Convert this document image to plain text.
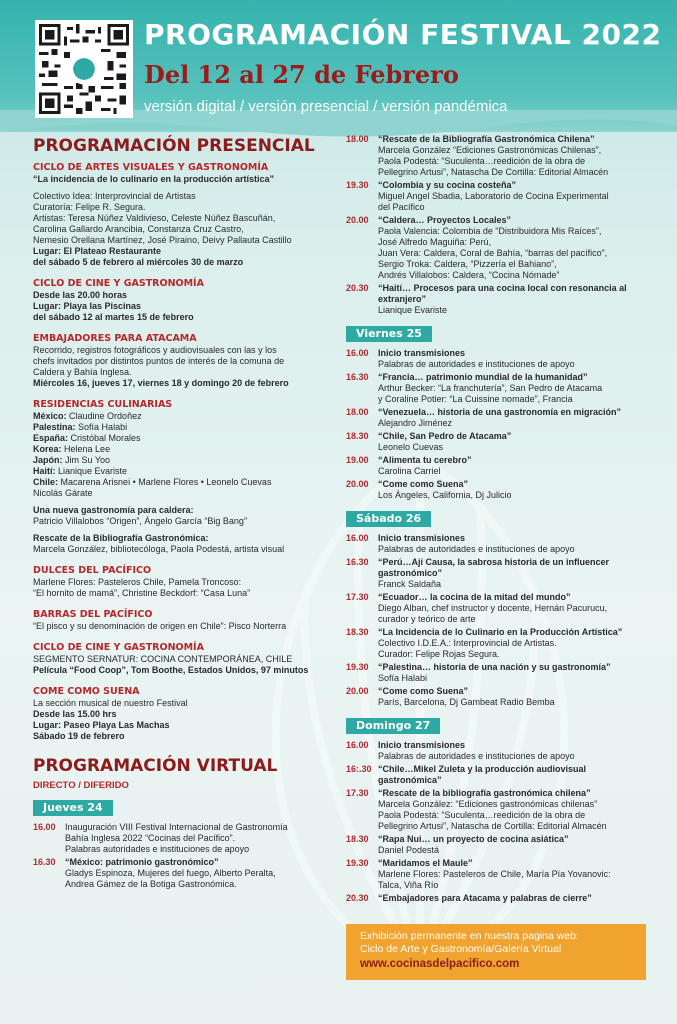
PROGRAMACIÓN FESTIVAL 2022
Del 12 al 27 de Febrero
versión digital / versión presencial / versión pandémica
PROGRAMACIÓN PRESENCIAL
CICLO DE ARTES VISUALES Y GASTRONOMÍA
“La incidencia de lo culinario en la producción artística”
Colectivo Idea: Interprovincial de Artistas
Curatoría: Felipe R. Segura.
Artistas: Teresa Núñez Valdivieso, Celeste Núñez Bascuñán,
Carolina Gallardo Arancibia, Constanza Cruz Castro,
Nemesio Orellana Martínez, José Piraino, Deivy Pallauta Castillo
Lugar: El Plateao Restaurante
del sábado 5 de febrero al miércoles 30 de marzo
CICLO DE CINE Y GASTRONOMÍA
Desde las 20.00 horas
Lugar: Playa las Piscinas
del sábado 12 al martes 15 de febrero
EMBAJADORES PARA ATACAMA
Recorrido, registros fotográficos y audiovisuales con las y los
chefs invitados por distintos puntos de interés de la comuna de
Caldera y Bahía Inglesa.
Miércoles 16, jueves 17, viernes 18 y domingo 20 de febrero
RESIDENCIAS CULINARIAS
México: Claudine Ordoñez
Palestina: Sofía Halabi
España: Cristóbal Morales
Korea: Helena Lee
Japón: Jim Su Yoo
Haití: Lianique Evariste
Chile: Macarena Arisnei • Marlene Flores • Leonelo Cuevas
Nicolás Gárate
Una nueva gastronomía para caldera:
Patricio Villalobos “Origen”, Ángelo García “Big Bang”
Rescate de la Bibliografía Gastronómica:
Marcela González, bibliotecóloga, Paola Podestá, artista visual
DULCES DEL PACÍFICO
Marlene Flores: Pasteleros Chile, Pamela Troncoso:
“El hornito de mamá”, Christine Beckdorf: “Casa Luna”
BARRAS DEL PACÍFICO
“El pisco y su denominación de origen en Chile”: Pisco Norterra
CICLO DE CINE Y GASTRONOMÍA
SEGMENTO SERNATUR: COCINA CONTEMPORÁNEA, CHILE
Película “Food Coop”, Tom Boothe, Estados Unidos, 97 minutos
COME COMO SUENA
La sección musical de nuestro Festival
Desde las 15.00 hrs
Lugar: Paseo Playa Las Machas
Sábado 19 de febrero
PROGRAMACIÓN VIRTUAL
DIRECTO / DIFERIDO
Jueves 24
16.00	Inauguración VIII Festival Internacional de Gastronomía
Bahía Inglesa 2022 “Cocinas del Pacífico”.
Palabras autoridades e instituciones de apoyo
16.30	“México: patrimonio gastronómico”
Gladys Espinoza, Mujeres del fuego, Alberto Peralta,
Andrea Gámez de la Botiga Gastronómica.
18.00	“Rescate de la Bibliografía Gastronómica Chilena”
Marcela González “Ediciones Gastronómicas Chilenas”,
Paola Podestá: “Suculenta…reedición de la obra de
Pellegrino Artusi”, Natascha De Cortilla: Editorial Almacén
19.30	“Colombia y su cocina costeña”
Miguel Angel Sbadia, Laboratorio de Cocina Experimental
del Pacífico
20.00	“Caldera… Proyectos Locales”
Paola Valencia: Colombia de “Distribuidora Mis Raíces”,
José Alfredo Maguiña: Perú,
Juan Vera: Caldera, Coral de Bahía, “barras del pacífico”,
Sergio Troka: Caldera, “Pizzería el Bahiano”,
Andrés Villalobos: Caldera, “Cocina Nómade”
20.30	“Haití… Procesos para una cocina local con resonancia al extranjero”
Lianique Evariste
Viernes 25
16.00	Inicio transmisiones
Palabras de autoridades e instituciones de apoyo
16.30	“Francia… patrimonio mundial de la humanidad”
Arthur Becker: “La franchutería”, San Pedro de Atacama
y Coraline Potier: “La Cuissine nomade”, Francia
18.00	“Venezuela… historia de una gastronomía en migración”
Alejandro Jiménez
18.30	“Chile, San Pedro de Atacama”
Leonelo Cuevas
19.00	“Alimenta tu cerebro”
Carolina Carriel
20.00	“Come como Suena”
Los Ángeles, California, Dj Julicio
Sábado 26
16.00	Inicio transmisiones
Palabras de autoridades e instituciones de apoyo
16.30	“Perú…Ají Causa, la sabrosa historia de un influencer gastronómico”
Franck Saldaña
17.30	“Ecuador… la cocina de la mitad del mundo”
Diego Alban, chef instructor y docente, Hernán Pacurucu,
curador y teórico de arte
18.30	“La Incidencia de lo Culinario en la Producción Artística”
Colectivo I.D.E.A.: Interprovincial de Artistas.
Curador: Felipe Rojas Segura.
19.30	“Palestina… historia de una nación y su gastronomía”
Sofía Halabi
20.00	“Come como Suena”
París, Barcelona, Dj Gambeat Radio Bemba
Domingo 27
16.00	Inicio transmisiones
Palabras de autoridades e instituciones de apoyo
16:.30 “Chile…Mikel Zuleta y la producción audiovisual gastronómica”
17.30	“Rescate de la bibliografía gastronómica chilena”
Marcela González: “Ediciones gastronómicas chilenas”
Paola Podestá: “Suculenta…reedición de la obra de
Pellegrino Artusi”, Natascha de Cortilla: Editorial Almacén
18.30	“Rapa Nui… un proyecto de cocina asiática”
Daniel Podestá
19.30	“Maridamos el Maule”
Marlene Flores: Pasteleros de Chile, María Pía Yovanovic:
Talca, Viña Río
20.30	“Embajadores para Atacama y palabras de cierre”
Exhibición permanente en nuestra pagina web:
Ciclo de Arte y Gastronomía/Galería Virtual
www.cocinasdelpacifico.com
